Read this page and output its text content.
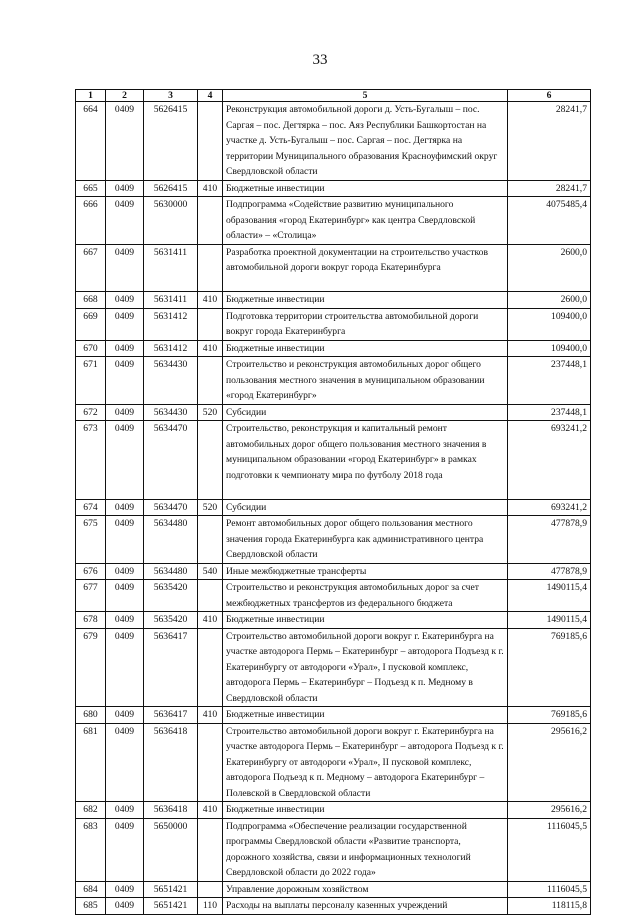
33
1	2	3	4	5	6
664	0409	5626415		Реконструкция автомобильной дороги д. Усть-Бугалыш – пос. Саргая – пос. Дегтярка – пос. Аяз Республики Башкортостан на участке д. Усть-Бугалыш – пос. Саргая – пос. Дегтярка на территории Муниципального образования Красноуфимский округ Свердловской области	28241,7
665	0409	5626415	410	Бюджетные инвестиции	28241,7
666	0409	5630000		Подпрограмма «Содействие развитию муниципального образования «город Екатеринбург» как центра Свердловской области» – «Столица»	4075485,4
667	0409	5631411		Разработка проектной документации на строительство участков автомобильной дороги вокруг города Екатеринбурга	2600,0
668	0409	5631411	410	Бюджетные инвестиции	2600,0
669	0409	5631412		Подготовка территории строительства автомобильной дороги вокруг города Екатеринбурга	109400,0
670	0409	5631412	410	Бюджетные инвестиции	109400,0
671	0409	5634430		Строительство и реконструкция автомобильных дорог общего пользования местного значения в муниципальном образовании «город Екатеринбург»	237448,1
672	0409	5634430	520	Субсидии	237448,1
673	0409	5634470		Строительство, реконструкция и капитальный ремонт автомобильных дорог общего пользования местного значения в муниципальном образовании «город Екатеринбург» в рамках подготовки к чемпионату мира по футболу 2018 года	693241,2
674	0409	5634470	520	Субсидии	693241,2
675	0409	5634480		Ремонт автомобильных дорог общего пользования местного значения города Екатеринбурга как административного центра Свердловской области	477878,9
676	0409	5634480	540	Иные межбюджетные трансферты	477878,9
677	0409	5635420		Строительство и реконструкция автомобильных дорог за счет межбюджетных трансфертов из федерального бюджета	1490115,4
678	0409	5635420	410	Бюджетные инвестиции	1490115,4
679	0409	5636417		Строительство автомобильной дороги вокруг г. Екатеринбурга на участке автодорога Пермь – Екатеринбург – автодорога Подъезд к г. Екатеринбургу от автодороги «Урал», I пусковой комплекс, автодорога Пермь – Екатеринбург – Подъезд к п. Медному в Свердловской области	769185,6
680	0409	5636417	410	Бюджетные инвестиции	769185,6
681	0409	5636418		Строительство автомобильной дороги вокруг г. Екатеринбурга на участке автодорога Пермь – Екатеринбург – автодорога Подъезд к г. Екатеринбургу от автодороги «Урал», II пусковой комплекс, автодорога Подъезд к п. Медному – автодорога Екатеринбург – Полевской в Свердловской области	295616,2
682	0409	5636418	410	Бюджетные инвестиции	295616,2
683	0409	5650000		Подпрограмма «Обеспечение реализации государственной программы Свердловской области «Развитие транспорта, дорожного хозяйства, связи и информационных технологий Свердловской области до 2022 года»	1116045,5
684	0409	5651421		Управление дорожным хозяйством	1116045,5
685	0409	5651421	110	Расходы на выплаты персоналу казенных учреждений	118115,8
